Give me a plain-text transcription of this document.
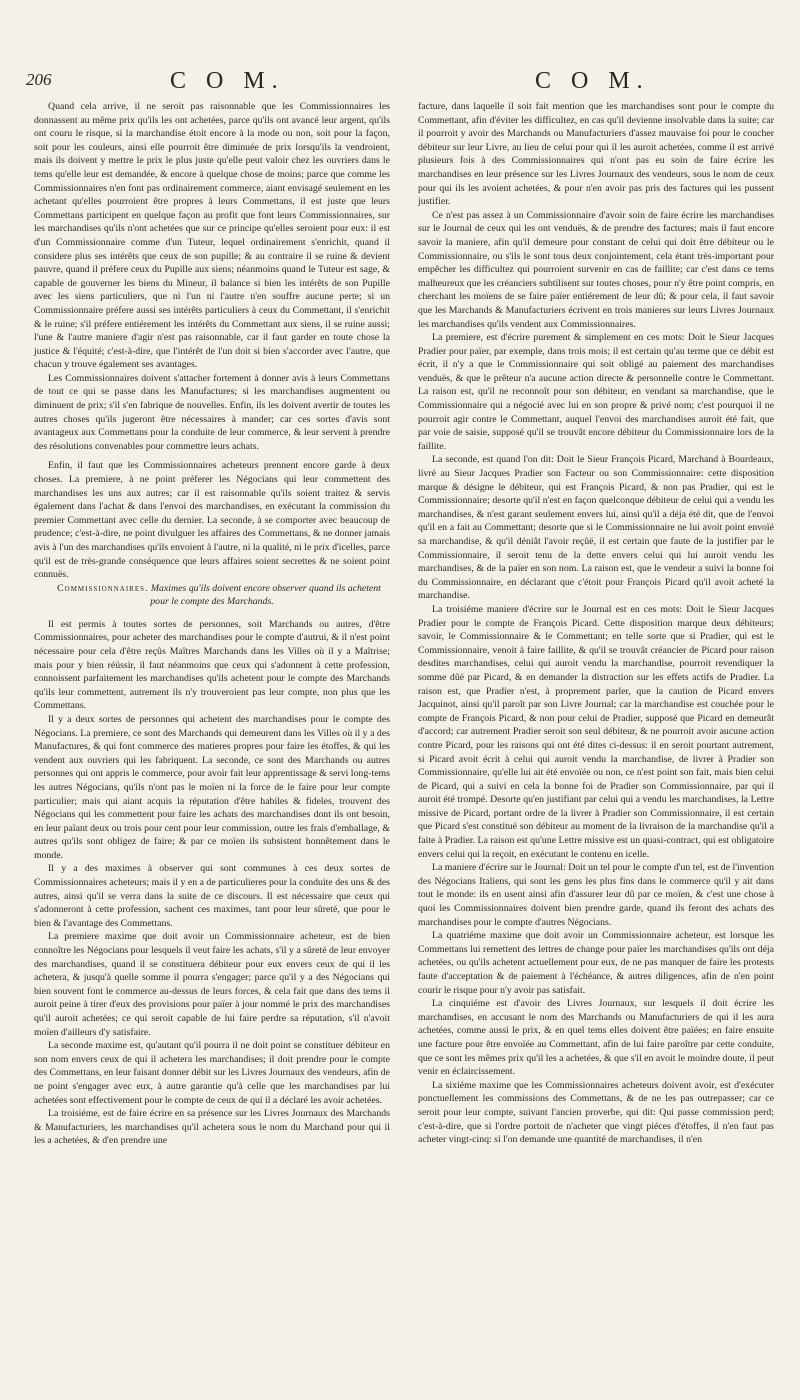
206	C O M.	C O M.

Quand cela arrive, il ne seroit pas raisonnable que les Commissionnaires les donnassent au même prix qu'ils les ont achetées, parce qu'ils ont avancé leur argent, qu'ils ont couru le risque, si la marchandise étoit encore à la mode ou non, soit pour la façon, soit pour les couleurs, ainsi elle pourroit être diminuée de prix lorsqu'ils la vendroient, mais ils doivent y mettre le prix le plus juste qu'elle peut valoir chez les ouvriers dans le tems qu'elle leur est demandée, & encore à quelque chose de moins; parce que comme les Commissionnaires n'en font pas ordinairement commerce, aiant envisagé seulement en les achetant qu'elles pourroient être propres à leurs Commettans, il est juste que leurs Commettans participent en quelque façon au profit que font leurs Commissionnaires, sur les marchandises qu'ils n'ont achetées que sur ce principe qu'elles seroient pour eux: il est d'un Commissionnaire comme d'un Tuteur, lequel ordinairement s'enrichit, quand il considere plus ses intérêts que ceux de son pupille; & au contraire il se ruine & devient pauvre, quand il préfere ceux du Pupille aux siens; néanmoins quand le Tuteur est sage, & capable de gouverner les biens du Mineur, il balance si bien les intérêts de son Pupille avec les siens particuliers, que ni l'un ni l'autre n'en souffre aucune perte; si un Commissionnaire préfere aussi ses intérêts particuliers à ceux du Commettant, il s'enrichit & le ruine; s'il préfere entiérement les intérêts du Commettant aux siens, il se ruine aussi; l'une & l'autre maniere d'agir n'est pas raisonnable, car il faut garder en toute chose la justice & l'équité; c'est-à-dire, que l'intérêt de l'un doit si bien s'accorder avec l'autre, que chacun y trouve également ses avantages.

Les Commissionnaires doivent s'attacher fortement à donner avis à leurs Commettans de tout ce qui se passe dans les Manufactures; si les marchandises augmentent ou diminuent de prix; s'il s'en fabrique de nouvelles. Enfin, ils les doivent avertir de toutes les autres choses qu'ils jugeront être nécessaires à mander; car ces sortes d'avis sont avantageux aux Commettans pour la conduite de leur commerce, & leur servent à prendre des résolutions convenables pour commettre leurs achats.

Enfin, il faut que les Commissionnaires acheteurs prennent encore garde à deux choses. La premiere, à ne point préferer les Négocians qui leur commettent des marchandises les uns aux autres; car il est raisonnable qu'ils soient traitez & servis également dans l'achat & dans l'envoi des marchandises, en exécutant la commission du premier Commettant avec celle du dernier. La seconde, à se comporter avec beaucoup de prudence; c'est-à-dire, ne point divulguer les affaires des Commettans, & ne donner jamais avis à l'un des marchandises qu'ils envoient à l'autre, ni la qualité, ni le prix d'icelles, parce qu'il est de très-grande conséquence que leurs affaires soient secrettes & ne soient point connuës.

Commissionnaires. Maximes qu'ils doivent encore observer quand ils achetent pour le compte des Marchands.

Il est permis à toutes sortes de personnes, soit Marchands ou autres, d'être Commissionnaires, pour acheter des marchandises pour le compte d'autrui, & il n'est point nécessaire pour cela d'être reçûs Maîtres Marchands dans les Villes où il y a Maîtrise; mais pour y bien réüssir, il faut néanmoins que ceux qui s'adonnent à cette profession, connoissent parfaitement les marchandises qu'ils achetent pour le compte des Marchands qu'ils leur commettent, autrement ils n'y trouveroient pas leur compte, non plus que les Commettans.

Il y a deux sortes de personnes qui achetent des marchandises pour le compte des Négocians. La premiere, ce sont des Marchands qui demeurent dans les Villes où il y a des Manufactures, & qui font commerce des matieres propres pour faire les étoffes, & qui les vendent aux ouvriers qui les fabriquent. La seconde, ce sont des Marchands ou autres personnes qui ont appris le commerce, pour avoir fait leur apprentissage & servi long-tems les autres Négocians, qu'ils n'ont pas le moïen ni la force de le faire pour leur compte particulier; mais qui aiant acquis la réputation d'être habiles & fideles, trouvent des Négocians qui les commettent pour faire les achats des marchandises dont ils ont besoin, en leur païant deux ou trois pour cent pour leur commission, outre les frais d'emballage, & autres qu'ils sont obligez de faire; & par ce moïen ils subsistent honnêtement dans le monde.

Il y a des maximes à observer qui sont communes à ces deux sortes de Commissionnaires acheteurs; mais il y en a de particulieres pour la conduite des uns & des autres, ainsi qu'il se verra dans la suite de ce discours. Il est nécessaire que ceux qui s'adonneront à cette profession, sachent ces maximes, tant pour leur sûreté, que pour le bien & l'avantage des Commettans.

La premiere maxime que doit avoir un Commissionnaire acheteur, est de bien connoître les Négocians pour lesquels il veut faire les achats, s'il y a sûreté de leur envoyer des marchandises, quand il se constituera débiteur pour eux envers ceux de qui il les achetera, & jusqu'à quelle somme il pourra s'engager; parce qu'il y a des Négocians qui bien souvent font le commerce au-dessus de leurs forces, & cela fait que dans des tems il auroit peine à tirer d'eux des provisions pour païer à jour nommé le prix des marchandises qu'il auroit achetées; ce qui seroit capable de lui faire perdre sa réputation, s'il n'avoit moïen d'ailleurs d'y satisfaire.

La seconde maxime est, qu'autant qu'il pourra il ne doit point se constituer débiteur en son nom envers ceux de qui il achetera les marchandises; il doit prendre pour le compte des Commettans, en leur faisant donner débit sur les Livres Journaux des vendeurs, afin de ne point s'engager avec eux, à autre garantie qu'à celle que les marchandises par lui achetées sont effectivement pour le compte de ceux de qui il a déclaré les avoir achetées.

La troisiéme, est de faire écrire en sa présence sur les Livres Journaux des Marchands & Manufacturiers, les marchandises qu'il achetera sous le nom du Marchand pour qui il les a achetées, & d'en prendre une

facture, dans laquelle il soit fait mention que les marchandises sont pour le compte du Commettant, afin d'éviter les difficultez, en cas qu'il devienne insolvable dans la suite; car il pourroit y avoir des Marchands ou Manufacturiers d'assez mauvaise foi pour le coucher débiteur sur leur Livre, au lieu de celui pour qui il les auroit achetées, comme il est arrivé plusieurs fois à des Commissionnaires qui n'ont pas eu soin de faire écrire les marchandises en leur présence sur les Livres Journaux des vendeurs, sous le nom de ceux pour qui ils les avoient achetées, & pour n'en avoir pas pris des factures qui les pussent justifier.

Ce n'est pas assez à un Commissionnaire d'avoir soin de faire écrire les marchandises sur le Journal de ceux qui les ont venduës, & de prendre des factures; mais il faut encore savoir la maniere, afin qu'il demeure pour constant de celui qui doit être débiteur ou le Commissionnaire, ou s'ils le sont tous deux conjointement, cela étant très-important pour empêcher les difficultez qui pourroient survenir en cas de faillite; car c'est dans ce tems malheureux que les créanciers subtilisent sur toutes choses, pour n'y être point compris, en cherchant les moïens de se faire païer entiérement de leur dû; & pour cela, il faut savoir que les Marchands & Manufacturiers écrivent en trois manieres sur leurs Livres Journaux les marchandises qu'ils vendent aux Commissionnaires.

La premiere, est d'écrire purement & simplement en ces mots: Doit le Sieur Jacques Pradier pour païer, par exemple, dans trois mois; il est certain qu'au terme que ce débit est écrit, il n'y a que le Commissionnaire qui soit obligé au paiement des marchandises venduës, & que le prêteur n'a aucune action directe & personnelle contre le Commettant. La raison est, qu'il ne reconnoît pour son débiteur, en vendant sa marchandise, que le Commissionnaire qui a négocié avec lui en son propre & privé nom; c'est pourquoi il ne pourroit agir contre le Commettant, auquel l'envoi des marchandises auroit été fait, que par voie de saisie, supposé qu'il se trouvât encore débiteur du Commissionnaire lors de la faillite.

La seconde, est quand l'on dit: Doit le Sieur François Picard, Marchand à Bourdeaux, livré au Sieur Jacques Pradier son Facteur ou son Commissionnaire: cette disposition marque & désigne le débiteur, qui est François Picard, & non pas Pradier, qui est le Commissionnaire; desorte qu'il n'est en façon quelconque débiteur de celui qui a vendu les marchandises, & n'est garant seulement envers lui, ainsi qu'il a déja été dit, que de l'envoi qu'il en a fait au Commettant; desorte que si le Commissionnaire ne lui avoit point envoïé sa marchandise, & qu'il déniât l'avoir reçûë, il est certain que faute de la justifier par le Commissionnaire, il seroit tenu de la dette envers celui qui lui auroit vendu les marchandises, & de la païer en son nom. La raison est, que le vendeur a suivi la bonne foi du Commissionnaire, en déclarant que c'étoit pour François Picard qu'il avoit acheté la marchandise.

La troisiéme maniere d'écrire sur le Journal est en ces mots: Doit le Sieur Jacques Pradier pour le compte de François Picard. Cette disposition marque deux débiteurs; savoir, le Commissionnaire & le Commettant; en telle sorte que si Pradier, qui est le Commissionnaire, venoit à faire faillite, & qu'il se trouvât créancier de Picard pour raison desdites marchandises, celui qui auroit vendu la marchandise, pourroit revendiquer la somme dûë par Picard, & en demander la distraction sur les effets actifs de Pradier. La raison est, que Pradier n'est, à proprement parler, que la caution de Picard envers Jacquinot, ainsi qu'il paroît par son Livre Journal; car la marchandise est couchée pour le compte de François Picard, & non pour celui de Pradier, supposé que Picard en demeurât d'accord; car autrement Pradier seroit son seul débiteur, & ne pourroit avoir aucune action contre Picard, pour les raisons qui ont été dites ci-dessus: il en seroit pourtant autrement, si Picard avoit écrit à celui qui auroit vendu la marchandise, de livrer à Pradier son Commissionnaire, qu'elle lui ait été envoïée ou non, ce n'est point son fait, mais bien celui de Picard, qui a suivi en cela la bonne foi de Pradier son Commissionnaire, par qui il auroit été trompé. Desorte qu'en justifiant par celui qui a vendu les marchandises, la Lettre missive de Picard, portant ordre de la livrer à Pradier son Commissionnaire, il est certain que Picard s'est constitué son débiteur au moment de la livraison de la marchandise qu'il a faite à Pradier. La raison est qu'une Lettre missive est un quasi-contract, qui est obligatoire envers celui qui la reçoit, en exécutant le contenu en icelle.

La maniere d'écrire sur le Journal: Doit un tel pour le compte d'un tel, est de l'invention des Négocians Italiens, qui sont les gens les plus fins dans le commerce qu'il y ait dans tout le monde: ils en usent ainsi afin d'assurer leur dû par ce moïen, & c'est une chose à quoi les Commissionnaires doivent bien prendre garde, quand ils feront des achats des marchandises pour le compte d'autres Négocians.

La quatriéme maxime que doit avoir un Commissionnaire acheteur, est lorsque les Commettans lui remettent des lettres de change pour païer les marchandises qu'ils ont déja achetées, ou qu'ils achetent actuellement pour eux, de ne pas manquer de faire les protests faute d'acceptation & de paiement à l'échéance, & autres diligences, afin de n'en point courir le risque pour n'y avoir pas satisfait.

La cinquiéme est d'avoir des Livres Journaux, sur lesquels il doit écrire les marchandises, en accusant le nom des Marchands ou Manufacturiers de qui il les aura achetées, comme aussi le prix, & en quel tems elles doivent être païées; en faire ensuite une facture pour être envoïée au Commettant, afin de lui faire paroître par cette conduite, que ce sont les mêmes prix qu'il les a achetées, & que s'il en avoit le moindre doute, il peut venir en éclaircissement.

La sixiéme maxime que les Commissionnaires acheteurs doivent avoir, est d'exécuter ponctuellement les commissions des Commettans, & de ne les pas outrepasser; car ce seroit pour leur compte, suivant l'ancien proverbe, qui dit: Qui passe commission perd; c'est-à-dire, que si l'ordre portoit de n'acheter que vingt piéces d'étoffes, il n'en faut pas acheter vingt-cinq: si l'on demande une quantité de marchandises, il n'en
